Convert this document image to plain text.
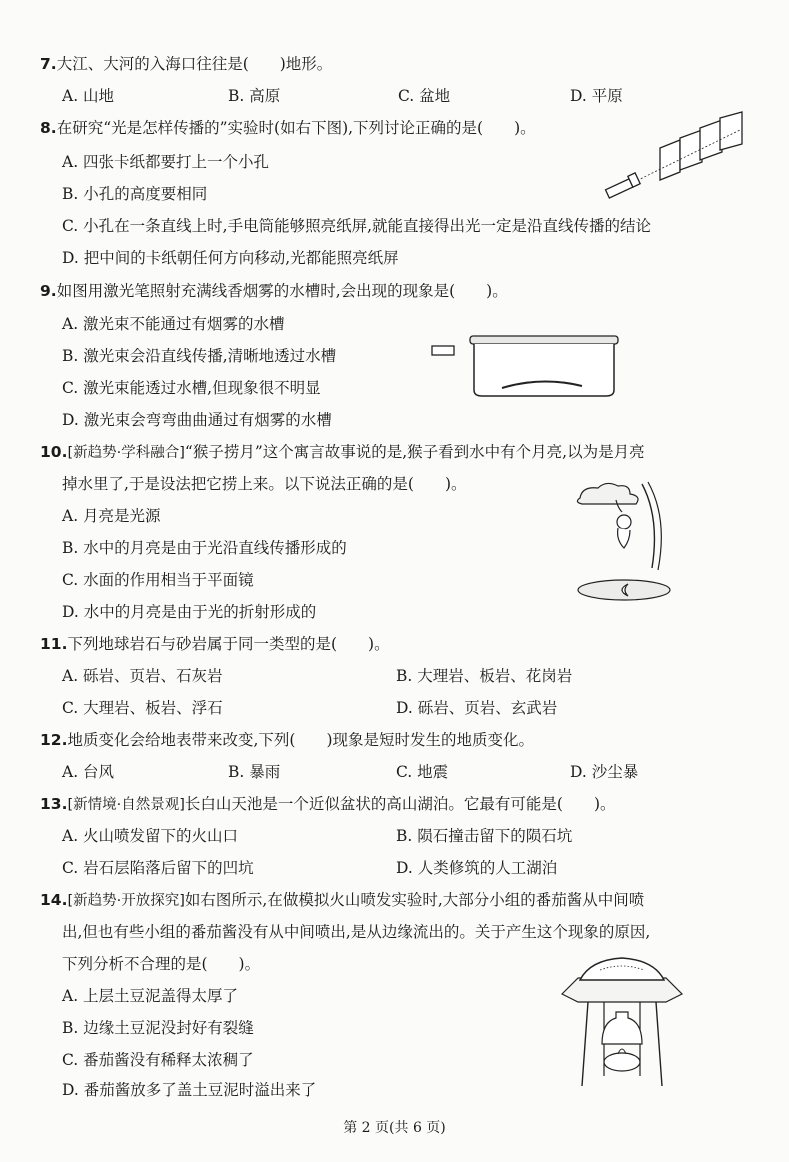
7.大江、大河的入海口往往是(　　)地形。
A. 山地	B. 高原	C. 盆地	D. 平原
8.在研究“光是怎样传播的”实验时(如右下图),下列讨论正确的是(　　)。
A. 四张卡纸都要打上一个小孔
B. 小孔的高度要相同
C. 小孔在一条直线上时,手电筒能够照亮纸屏,就能直接得出光一定是沿直线传播的结论
D. 把中间的卡纸朝任何方向移动,光都能照亮纸屏
9.如图用激光笔照射充满线香烟雾的水槽时,会出现的现象是(　　)。
A. 激光束不能通过有烟雾的水槽
B. 激光束会沿直线传播,清晰地透过水槽
C. 激光束能透过水槽,但现象很不明显
D. 激光束会弯弯曲曲通过有烟雾的水槽
10.[新趋势·学科融合]“猴子捞月”这个寓言故事说的是,猴子看到水中有个月亮,以为是月亮
掉水里了,于是设法把它捞上来。以下说法正确的是(　　)。
A. 月亮是光源
B. 水中的月亮是由于光沿直线传播形成的
C. 水面的作用相当于平面镜
D. 水中的月亮是由于光的折射形成的
11.下列地球岩石与砂岩属于同一类型的是(　　)。
A. 砾岩、页岩、石灰岩	B. 大理岩、板岩、花岗岩
C. 大理岩、板岩、浮石	D. 砾岩、页岩、玄武岩
12.地质变化会给地表带来改变,下列(　　)现象是短时发生的地质变化。
A. 台风	B. 暴雨	C. 地震	D. 沙尘暴
13.[新情境·自然景观]长白山天池是一个近似盆状的高山湖泊。它最有可能是(　　)。
A. 火山喷发留下的火山口	B. 陨石撞击留下的陨石坑
C. 岩石层陷落后留下的凹坑	D. 人类修筑的人工湖泊
14.[新趋势·开放探究]如右图所示,在做模拟火山喷发实验时,大部分小组的番茄酱从中间喷
出,但也有些小组的番茄酱没有从中间喷出,是从边缘流出的。关于产生这个现象的原因,
下列分析不合理的是(　　)。
A. 上层土豆泥盖得太厚了
B. 边缘土豆泥没封好有裂缝
C. 番茄酱没有稀释太浓稠了
D. 番茄酱放多了盖土豆泥时溢出来了
第 2 页(共 6 页)
